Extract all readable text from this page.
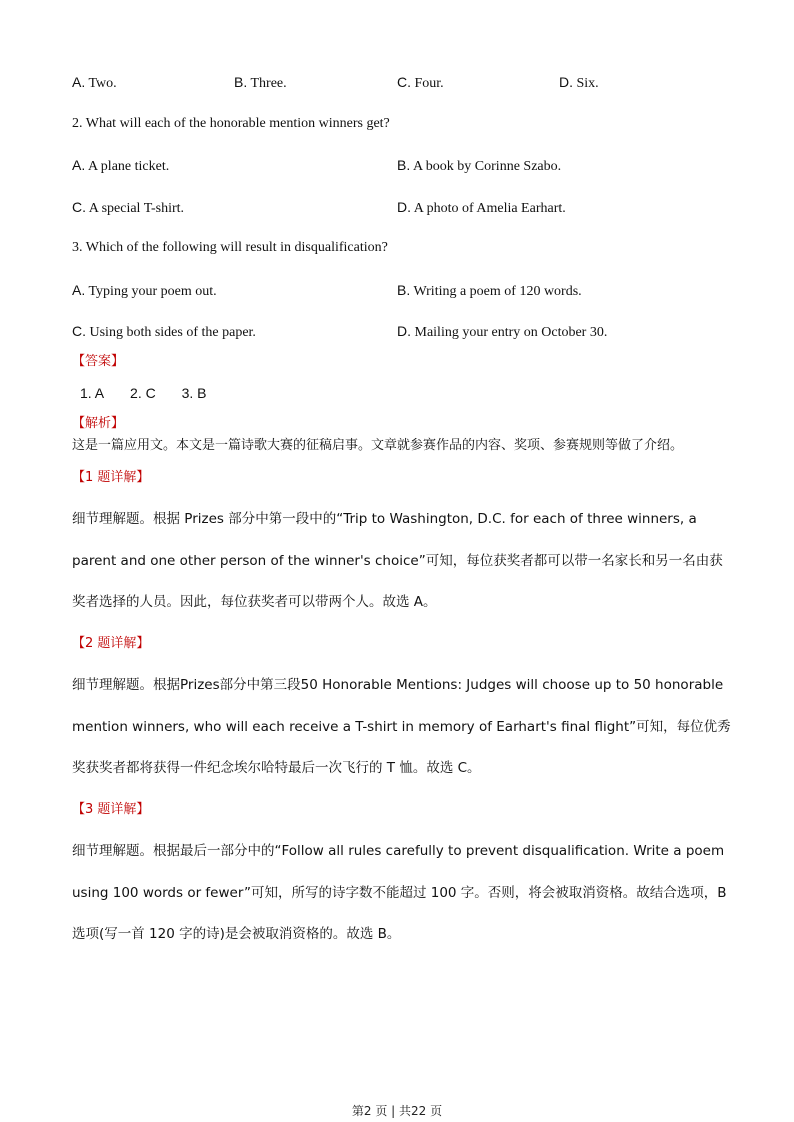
A. Two.	B. Three.	C. Four.	D. Six.
2. What will each of the honorable mention winners get?
A. A plane ticket.	B. A book by Corinne Szabo.
C. A special T-shirt.	D. A photo of Amelia Earhart.
3. Which of the following will result in disqualification?
A. Typing your poem out.	B. Writing a poem of 120 words.
C. Using both sides of the paper.	D. Mailing your entry on October 30.
【答案】
1. A 2. C 3. B
【解析】
这是一篇应用文。本文是一篇诗歌大赛的征稿启事。文章就参赛作品的内容、奖项、参赛规则等做了介绍。
【1 题详解】
细节理解题。根据 Prizes 部分中第一段中的“Trip to Washington, D.C. for each of three winners, a parent and one other person of the winner's choice”可知，每位获奖者都可以带一名家长和另一名由获奖者选择的人员。因此，每位获奖者可以带两个人。故选 A。
【2 题详解】
细节理解题。根据Prizes部分中第三段50 Honorable Mentions: Judges will choose up to 50 honorable mention winners, who will each receive a T-shirt in memory of Earhart's final flight”可知，每位优秀奖获奖者都将获得一件纪念埃尔哈特最后一次飞行的 T 恤。故选 C。
【3 题详解】
细节理解题。根据最后一部分中的“Follow all rules carefully to prevent disqualification. Write a poem using 100 words or fewer”可知，所写的诗字数不能超过 100 字。否则，将会被取消资格。故结合选项，B 选项(写一首 120 字的诗)是会被取消资格的。故选 B。
第2 页 | 共22 页
